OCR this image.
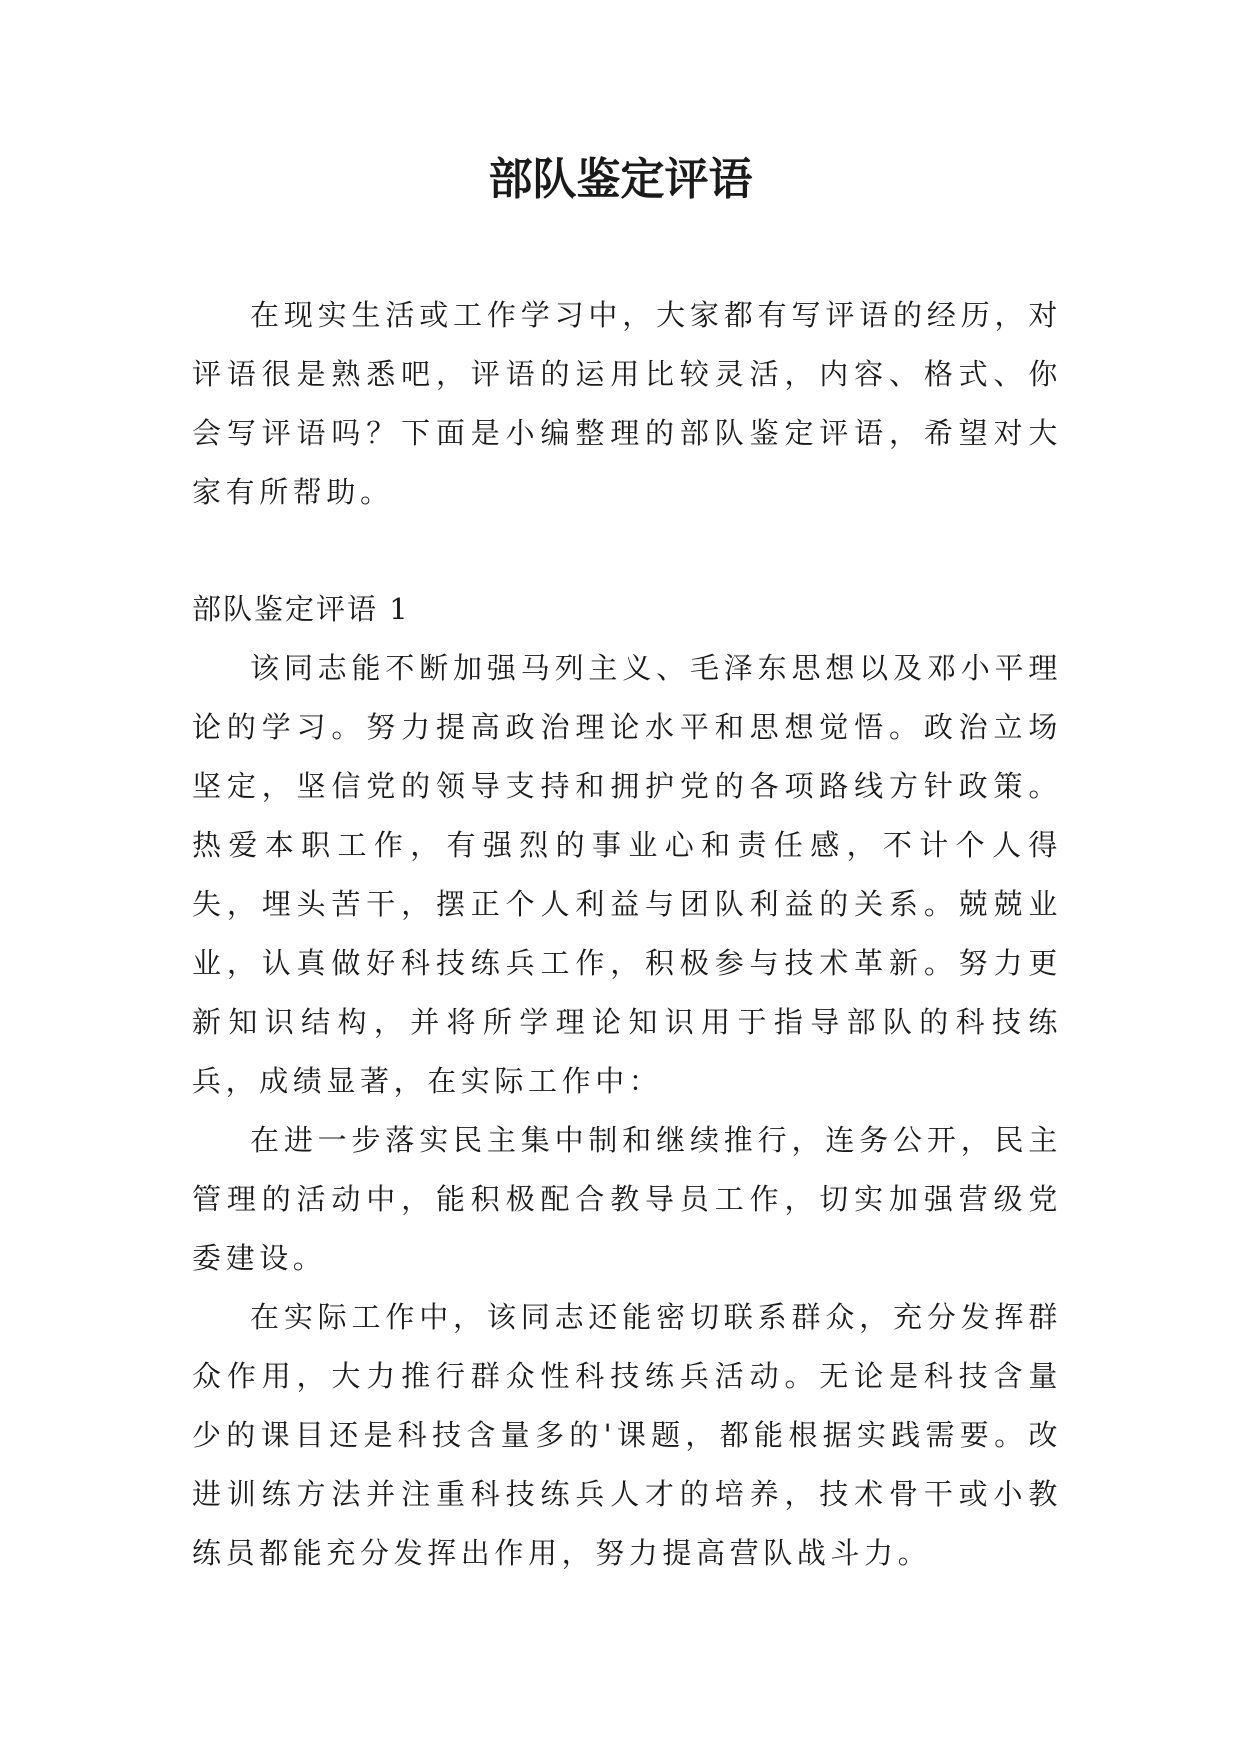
部队鉴定评语

在现实生活或工作学习中，大家都有写评语的经历，对评语很是熟悉吧，评语的运用比较灵活，内容、格式、你会写评语吗？下面是小编整理的部队鉴定评语，希望对大家有所帮助。

部队鉴定评语 1

该同志能不断加强马列主义、毛泽东思想以及邓小平理论的学习。努力提高政治理论水平和思想觉悟。政治立场坚定，坚信党的领导支持和拥护党的各项路线方针政策。热爱本职工作，有强烈的事业心和责任感，不计个人得失，埋头苦干，摆正个人利益与团队利益的关系。兢兢业业，认真做好科技练兵工作，积极参与技术革新。努力更新知识结构，并将所学理论知识用于指导部队的科技练兵，成绩显著，在实际工作中：

在进一步落实民主集中制和继续推行，连务公开，民主管理的活动中，能积极配合教导员工作，切实加强营级党委建设。

在实际工作中，该同志还能密切联系群众，充分发挥群众作用，大力推行群众性科技练兵活动。无论是科技含量少的课目还是科技含量多的'课题，都能根据实践需要。改进训练方法并注重科技练兵人才的培养，技术骨干或小教练员都能充分发挥出作用，努力提高营队战斗力。
